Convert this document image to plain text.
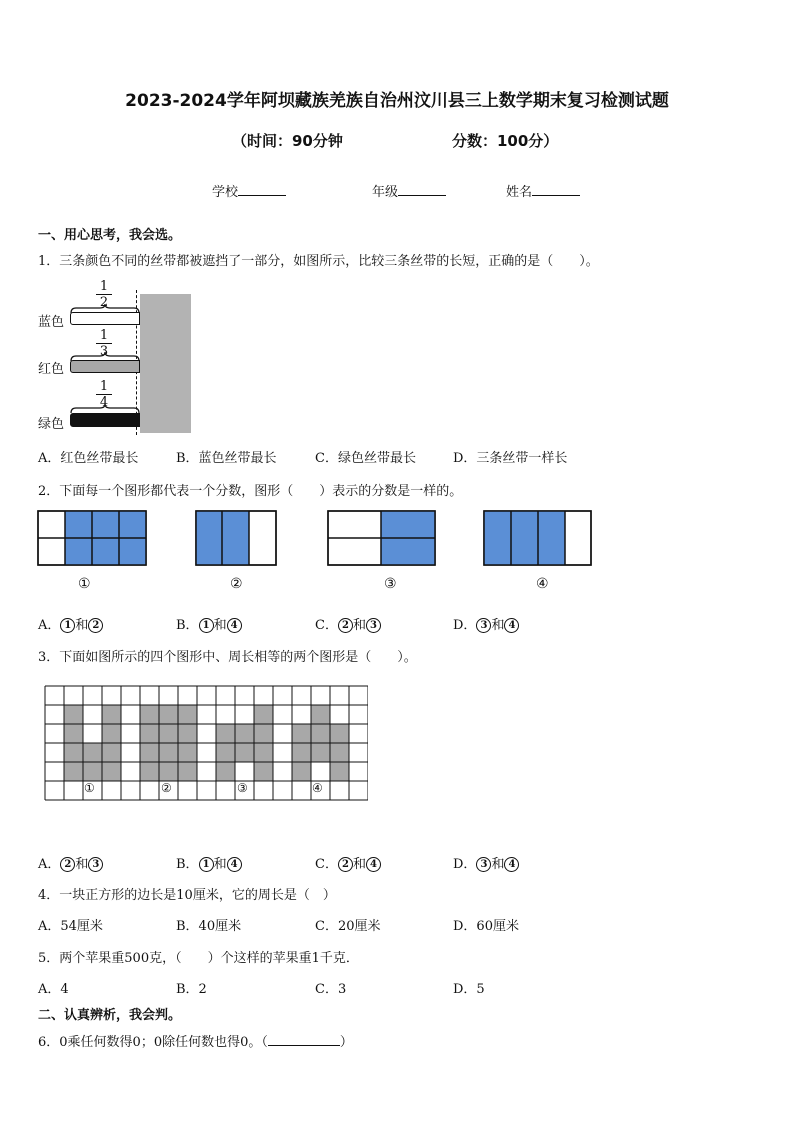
2023-2024学年阿坝藏族羌族自治州汶川县三上数学期末复习检测试题
（时间：90分钟	分数：100分）
学校	年级	姓名
一、用心思考，我会选。
1．三条颜色不同的丝带都被遮挡了一部分，如图所示，比较三条丝带的长短，正确的是（　　）。
蓝色
1
2
红色
1
3
绿色
1
4
A．红色丝带最长	B．蓝色丝带最长	C．绿色丝带最长	D．三条丝带一样长
2．下面每一个图形都代表一个分数，图形（　　）表示的分数是一样的。
①	②	③	④
A． 1 和 2	B． 1 和 4	C． 2 和 3	D． 3 和 4
3．下面如图所示的四个图形中、周长相等的两个图形是（　　）。
①	②	③	④
A． 2 和 3	B． 1 和 4	C． 2 和 4	D． 3 和 4
4．一块正方形的边长是10厘米，它的周长是（　）
A．54厘米	B．40厘米	C．20厘米	D．60厘米
5．两个苹果重500克，（　　）个这样的苹果重1千克．
A．4	B．2	C．3	D．5
二、认真辨析，我会判。
6．0乘任何数得0；0除任何数也得0。（	）
